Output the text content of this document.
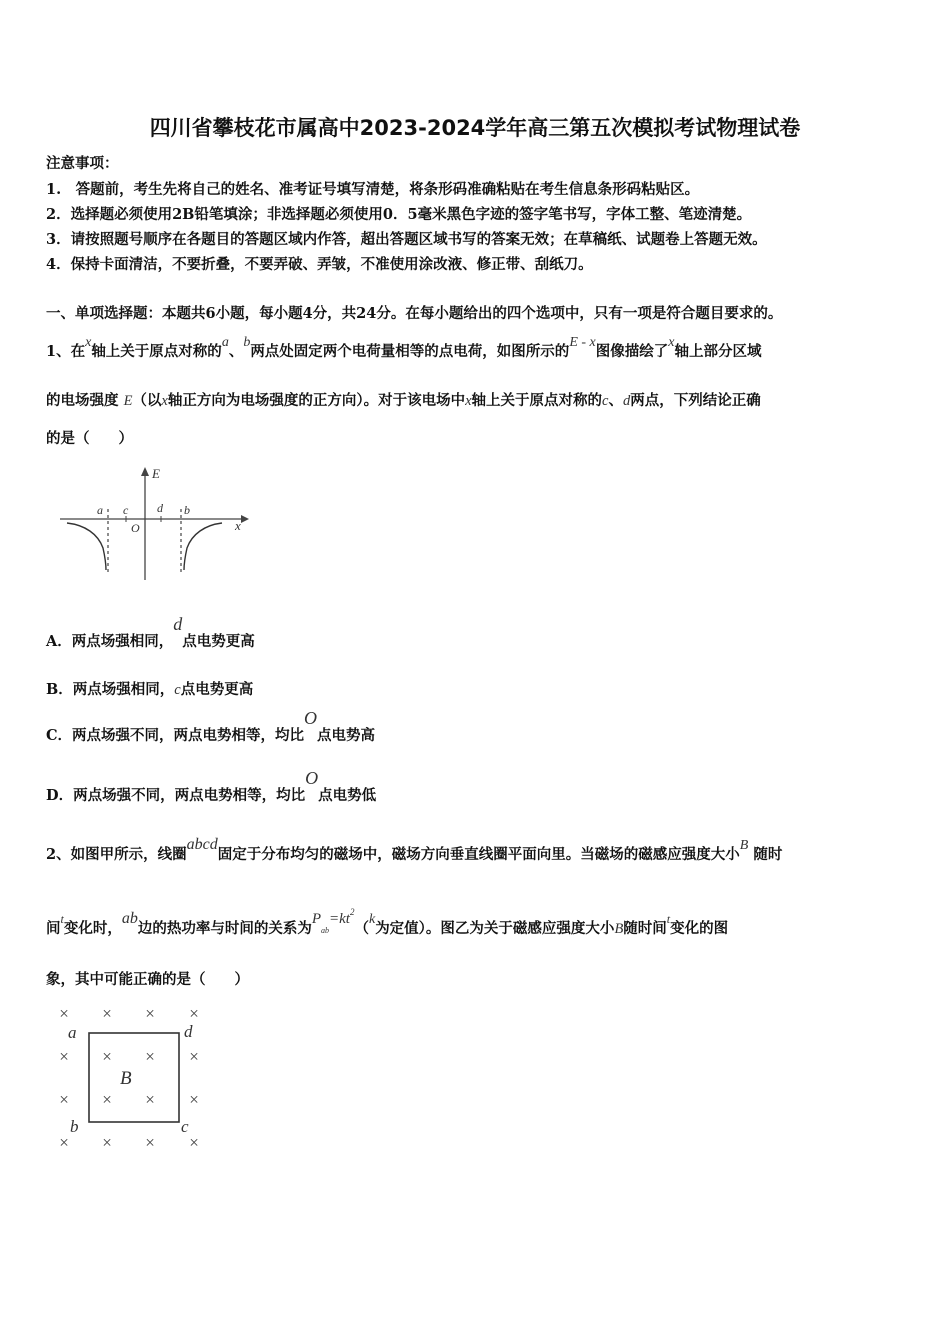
四川省攀枝花市属高中2023-2024学年高三第五次模拟考试物理试卷
注意事项：
1.　答题前，考生先将自己的姓名、准考证号填写清楚，将条形码准确粘贴在考生信息条形码粘贴区。
2．选择题必须使用2B铅笔填涂；非选择题必须使用0．5毫米黑色字迹的签字笔书写，字体工整、笔迹清楚。
3．请按照题号顺序在各题目的答题区域内作答，超出答题区域书写的答案无效；在草稿纸、试题卷上答题无效。
4．保持卡面清洁，不要折叠，不要弄破、弄皱，不准使用涂改液、修正带、刮纸刀。
一、单项选择题：本题共6小题，每小题4分，共24分。在每小题给出的四个选项中，只有一项是符合题目要求的。
1、在x轴上关于原点对称的a、b两点处固定两个电荷量相等的点电荷，如图所示的E - x图像描绘了x轴上部分区域
的电场强度 E（以x轴正方向为电场强度的正方向）。对于该电场中x轴上关于原点对称的c、d两点，下列结论正确
的是（　　）
E
x
O
a c d b
A．两点场强相同，d点电势更高
B．两点场强相同，c点电势更高
C．两点场强不同，两点电势相等，均比O点电势高
D．两点场强不同，两点电势相等，均比O点电势低
2、如图甲所示，线圈abcd固定于分布均匀的磁场中，磁场方向垂直线圈平面向里。当磁场的磁感应强度大小B 随时
间$^t$变化时，ab边的热功率与时间的关系为$Pab=kt^2(k$为定值）。图乙为关于磁感应强度大小B随时间$^t$变化的图
象，其中可能正确的是（　　）
× × × ×
× × × ×
× × × ×
× × × ×
a	d
b	c
B
